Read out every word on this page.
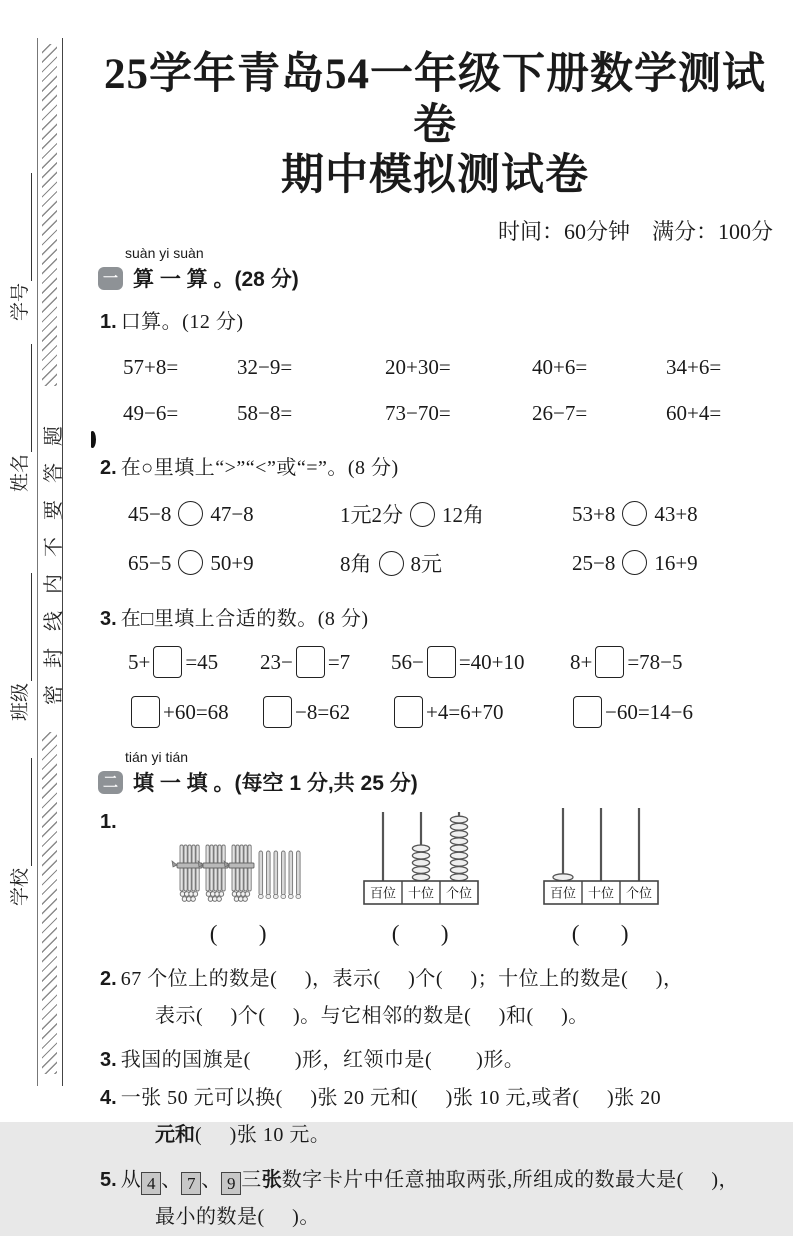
学号
姓名
班级
学校
密封线内不要答题
25学年青岛54一年级下册数学测试卷
期中模拟测试卷
时间：60分钟　满分：100分
suàn yi suàn
一 算 一 算 。(28 分)
1. 口算。(12 分)
57+8=	32−9=	20+30=	40+6=	34+6=
49−6=	58−8=	73−70=	26−7=	60+4=
2. 在○里填上“>”“<”或“=”。(8 分)
45−8 47−8	1元2分 12角	53+8 43+8
65−5 50+9	8角 8元	25−8 16+9
3. 在□里填上合适的数。(8 分)
5+ =45	23− =7	56− =40+10	8+ =78−5
+60=68	−8=62	+4=6+70	−60=14−6
tián yi tián
二 填 一 填 。(每空 1 分,共 25 分)
1.
(      )
百位 十位 个位
(      )
百位 十位 个位
(      )
2. 67 个位上的数是(     )，表示(     )个(     )；十位上的数是(     )，
表示(     )个(     )。与它相邻的数是(     )和(     )。
3. 我国的国旗是(        )形，红领巾是(        )形。
4. 一张 50 元可以换(     )张 20 元和(     )张 10 元,或者(     )张 20
元和(     )张 10 元。
5. 从 4 、 7 、 9 三张数字卡片中任意抽取两张,所组成的数最大是(     )，
最小的数是(     )。
